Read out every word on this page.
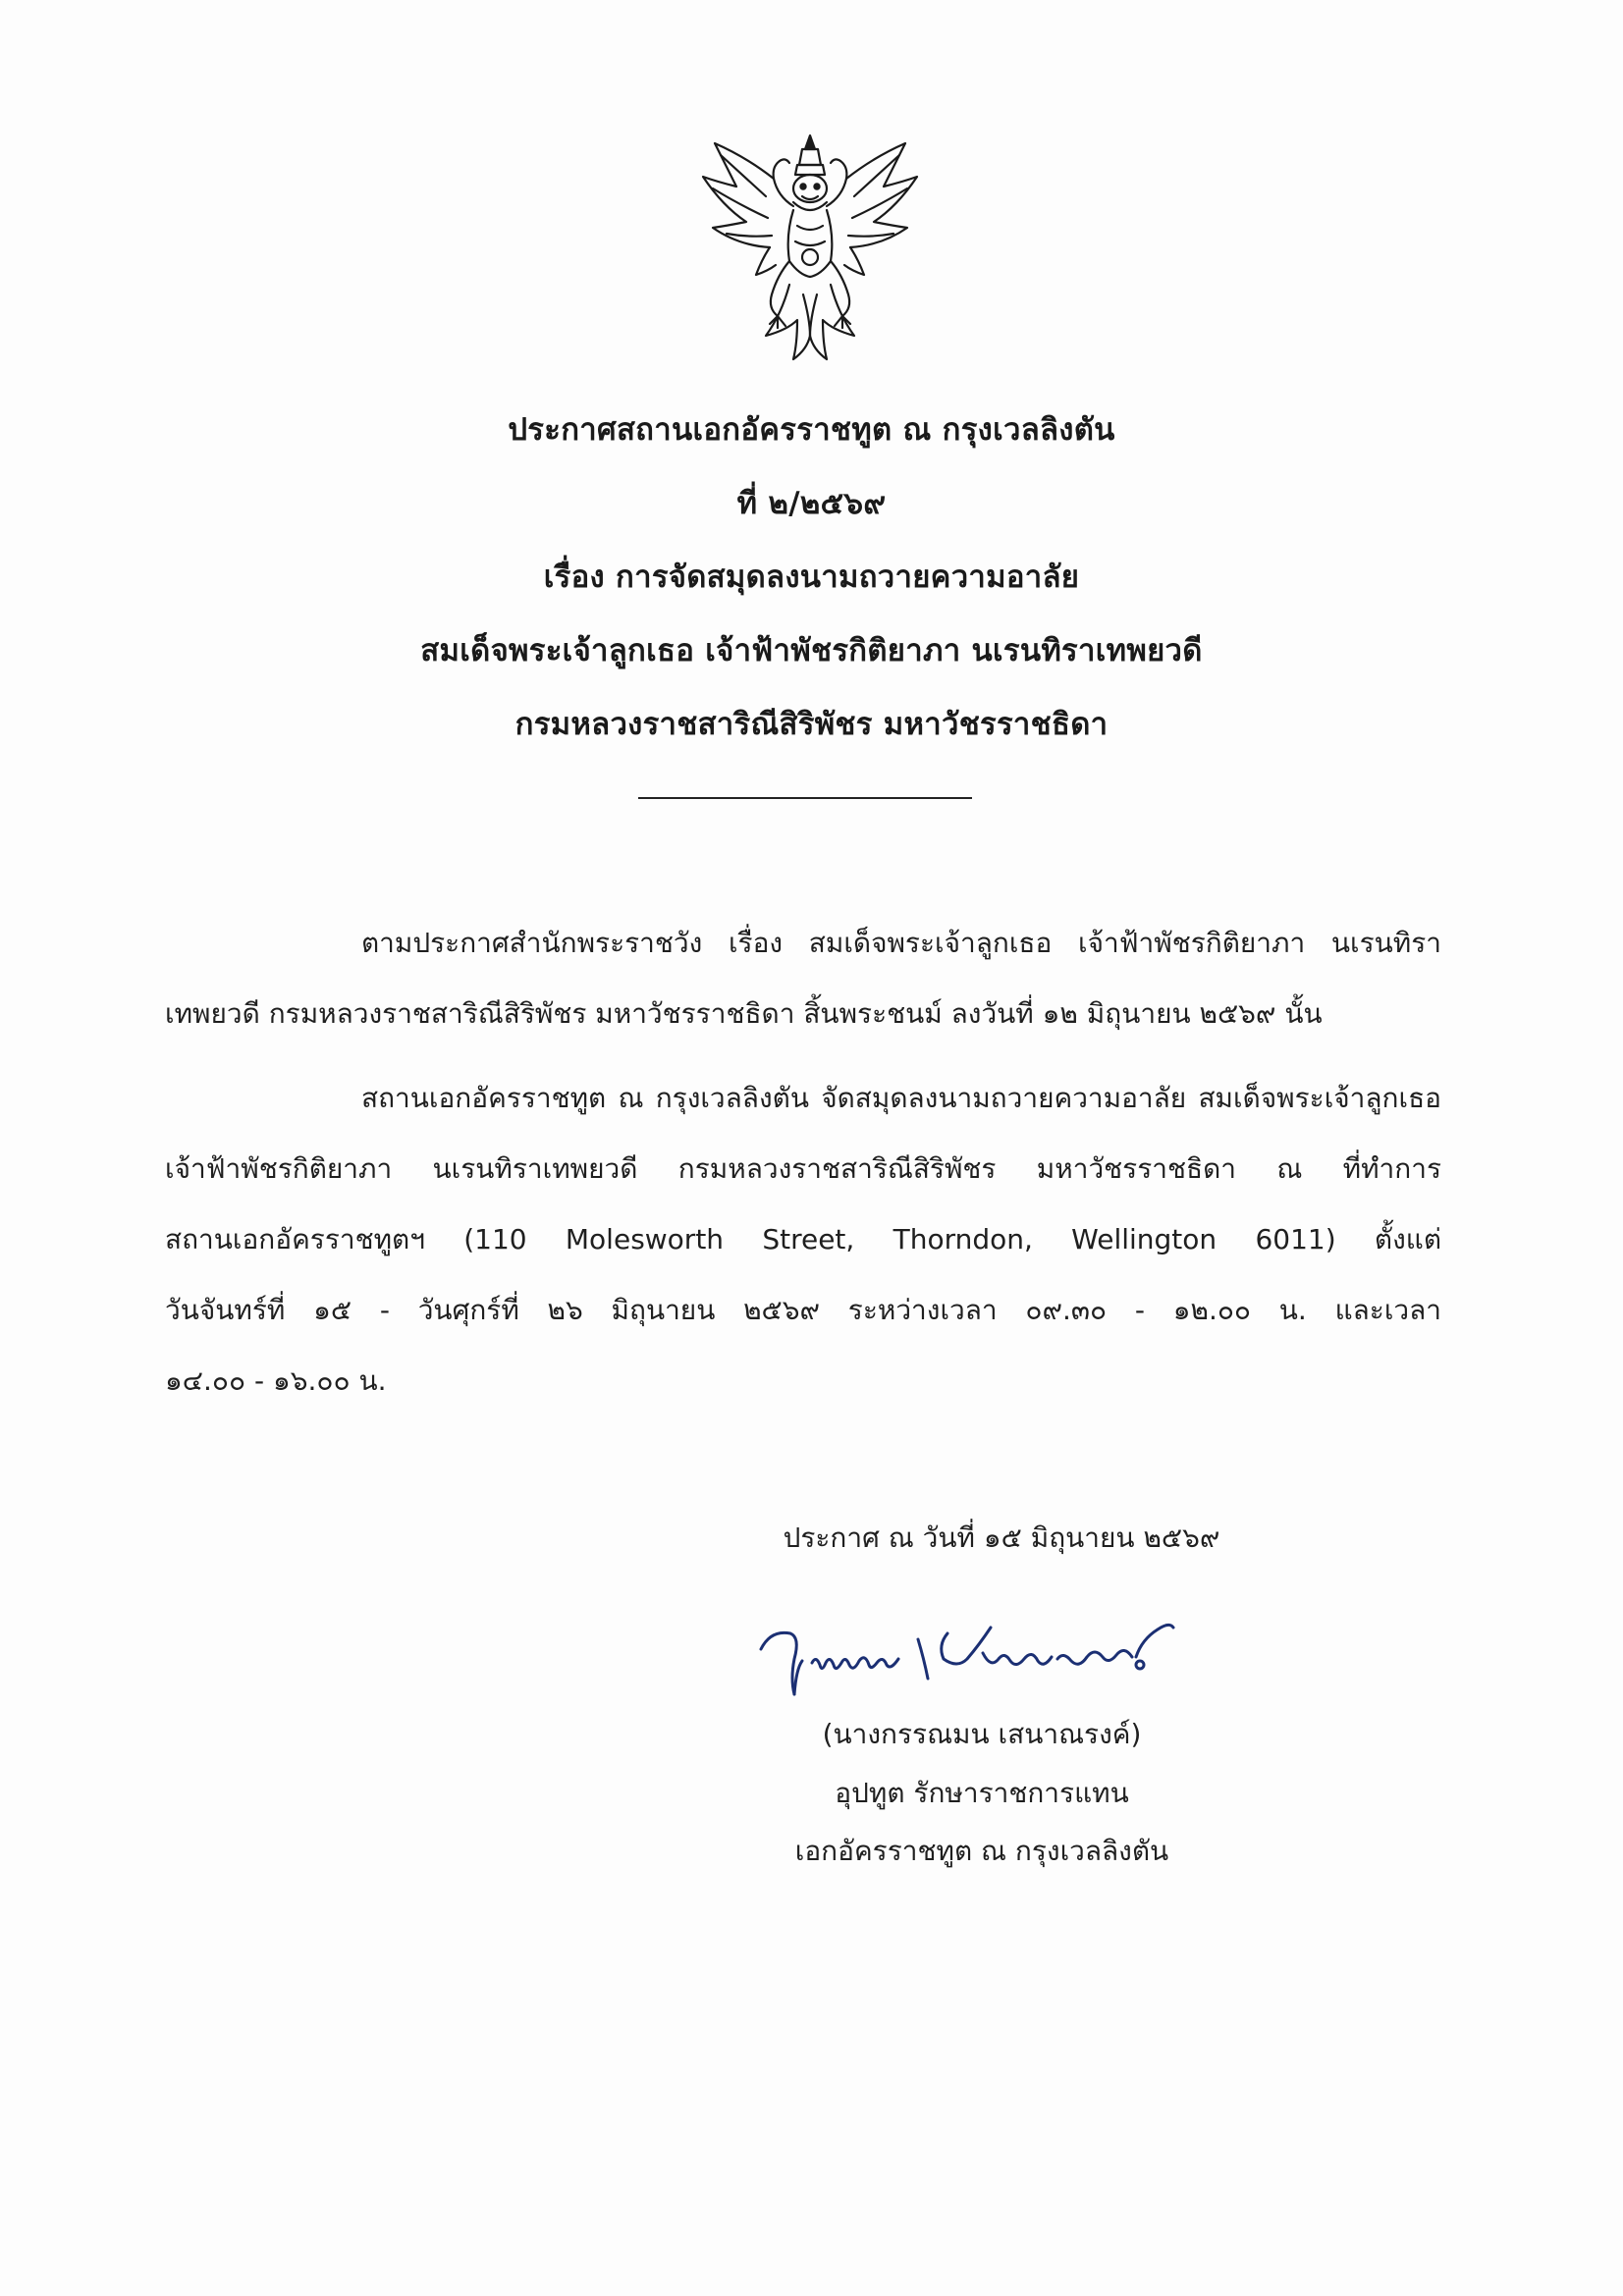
ประกาศสถานเอกอัครราชทูต ณ กรุงเวลลิงตัน
ที่ ๒/๒๕๖๙
เรื่อง การจัดสมุดลงนามถวายความอาลัย
สมเด็จพระเจ้าลูกเธอ เจ้าฟ้าพัชรกิติยาภา นเรนทิราเทพยวดี
กรมหลวงราชสาริณีสิริพัชร มหาวัชรราชธิดา
ตามประกาศสำนักพระราชวัง เรื่อง สมเด็จพระเจ้าลูกเธอ เจ้าฟ้าพัชรกิติยาภา นเรนทิรา
เทพยวดี กรมหลวงราชสาริณีสิริพัชร มหาวัชรราชธิดา สิ้นพระชนม์ ลงวันที่ ๑๒ มิถุนายน ๒๕๖๙ นั้น
สถานเอกอัครราชทูต ณ กรุงเวลลิงตัน จัดสมุดลงนามถวายความอาลัย สมเด็จพระเจ้าลูกเธอ
เจ้าฟ้าพัชรกิติยาภา นเรนทิราเทพยวดี กรมหลวงราชสาริณีสิริพัชร มหาวัชรราชธิดา ณ ที่ทำการ
สถานเอกอัครราชทูตฯ (110 Molesworth Street, Thorndon, Wellington 6011) ตั้งแต่
วันจันทร์ที่ ๑๕ - วันศุกร์ที่ ๒๖ มิถุนายน ๒๕๖๙ ระหว่างเวลา ๐๙.๓๐ - ๑๒.๐๐ น. และเวลา
๑๔.๐๐ - ๑๖.๐๐ น.
ประกาศ ณ วันที่ ๑๕ มิถุนายน ๒๕๖๙
(นางกรรณมน เสนาณรงค์)
อุปทูต รักษาราชการแทน
เอกอัครราชทูต ณ กรุงเวลลิงตัน
